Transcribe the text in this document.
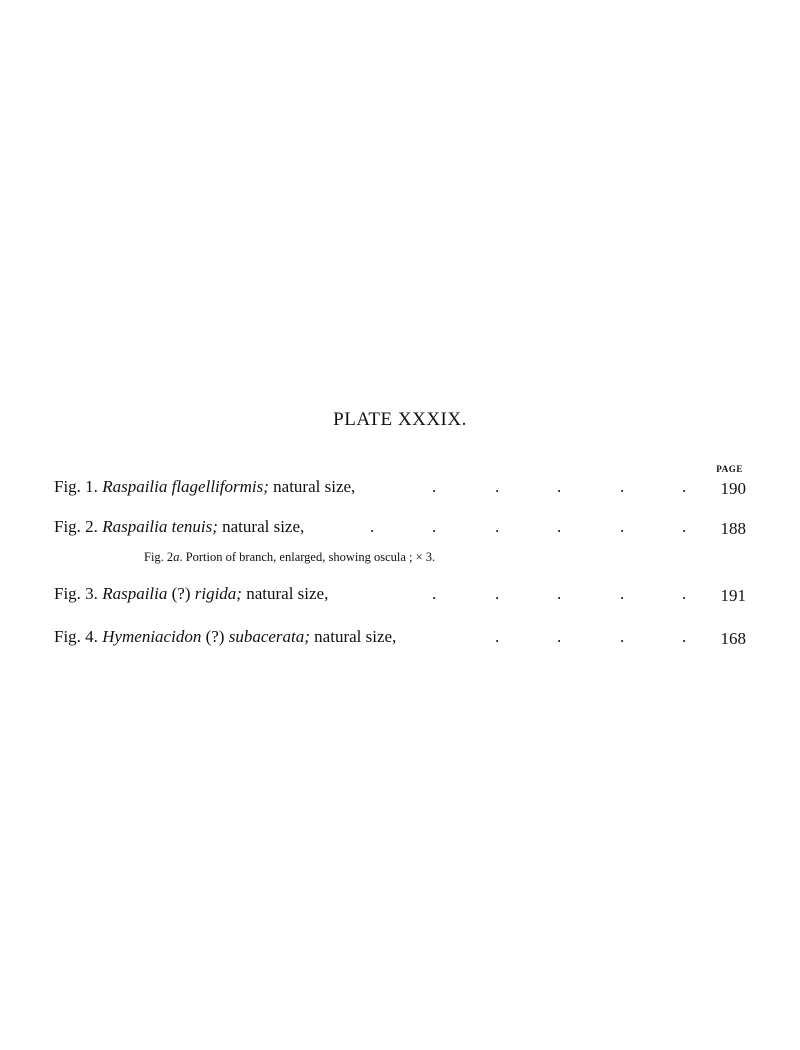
PLATE XXXIX.
PAGE
Fig. 1. Raspailia flagelliformis; natural size,	.	.	.	.	. 190
Fig. 2. Raspailia tenuis; natural size,	.	.	.	.	.	. 188
Fig. 2a. Portion of branch, enlarged, showing oscula ; × 3.
Fig. 3. Raspailia (?) rigida; natural size,	.	.	.	.	. 191
Fig. 4. Hymeniacidon (?) subacerata; natural size,	.	.	.	. 168
